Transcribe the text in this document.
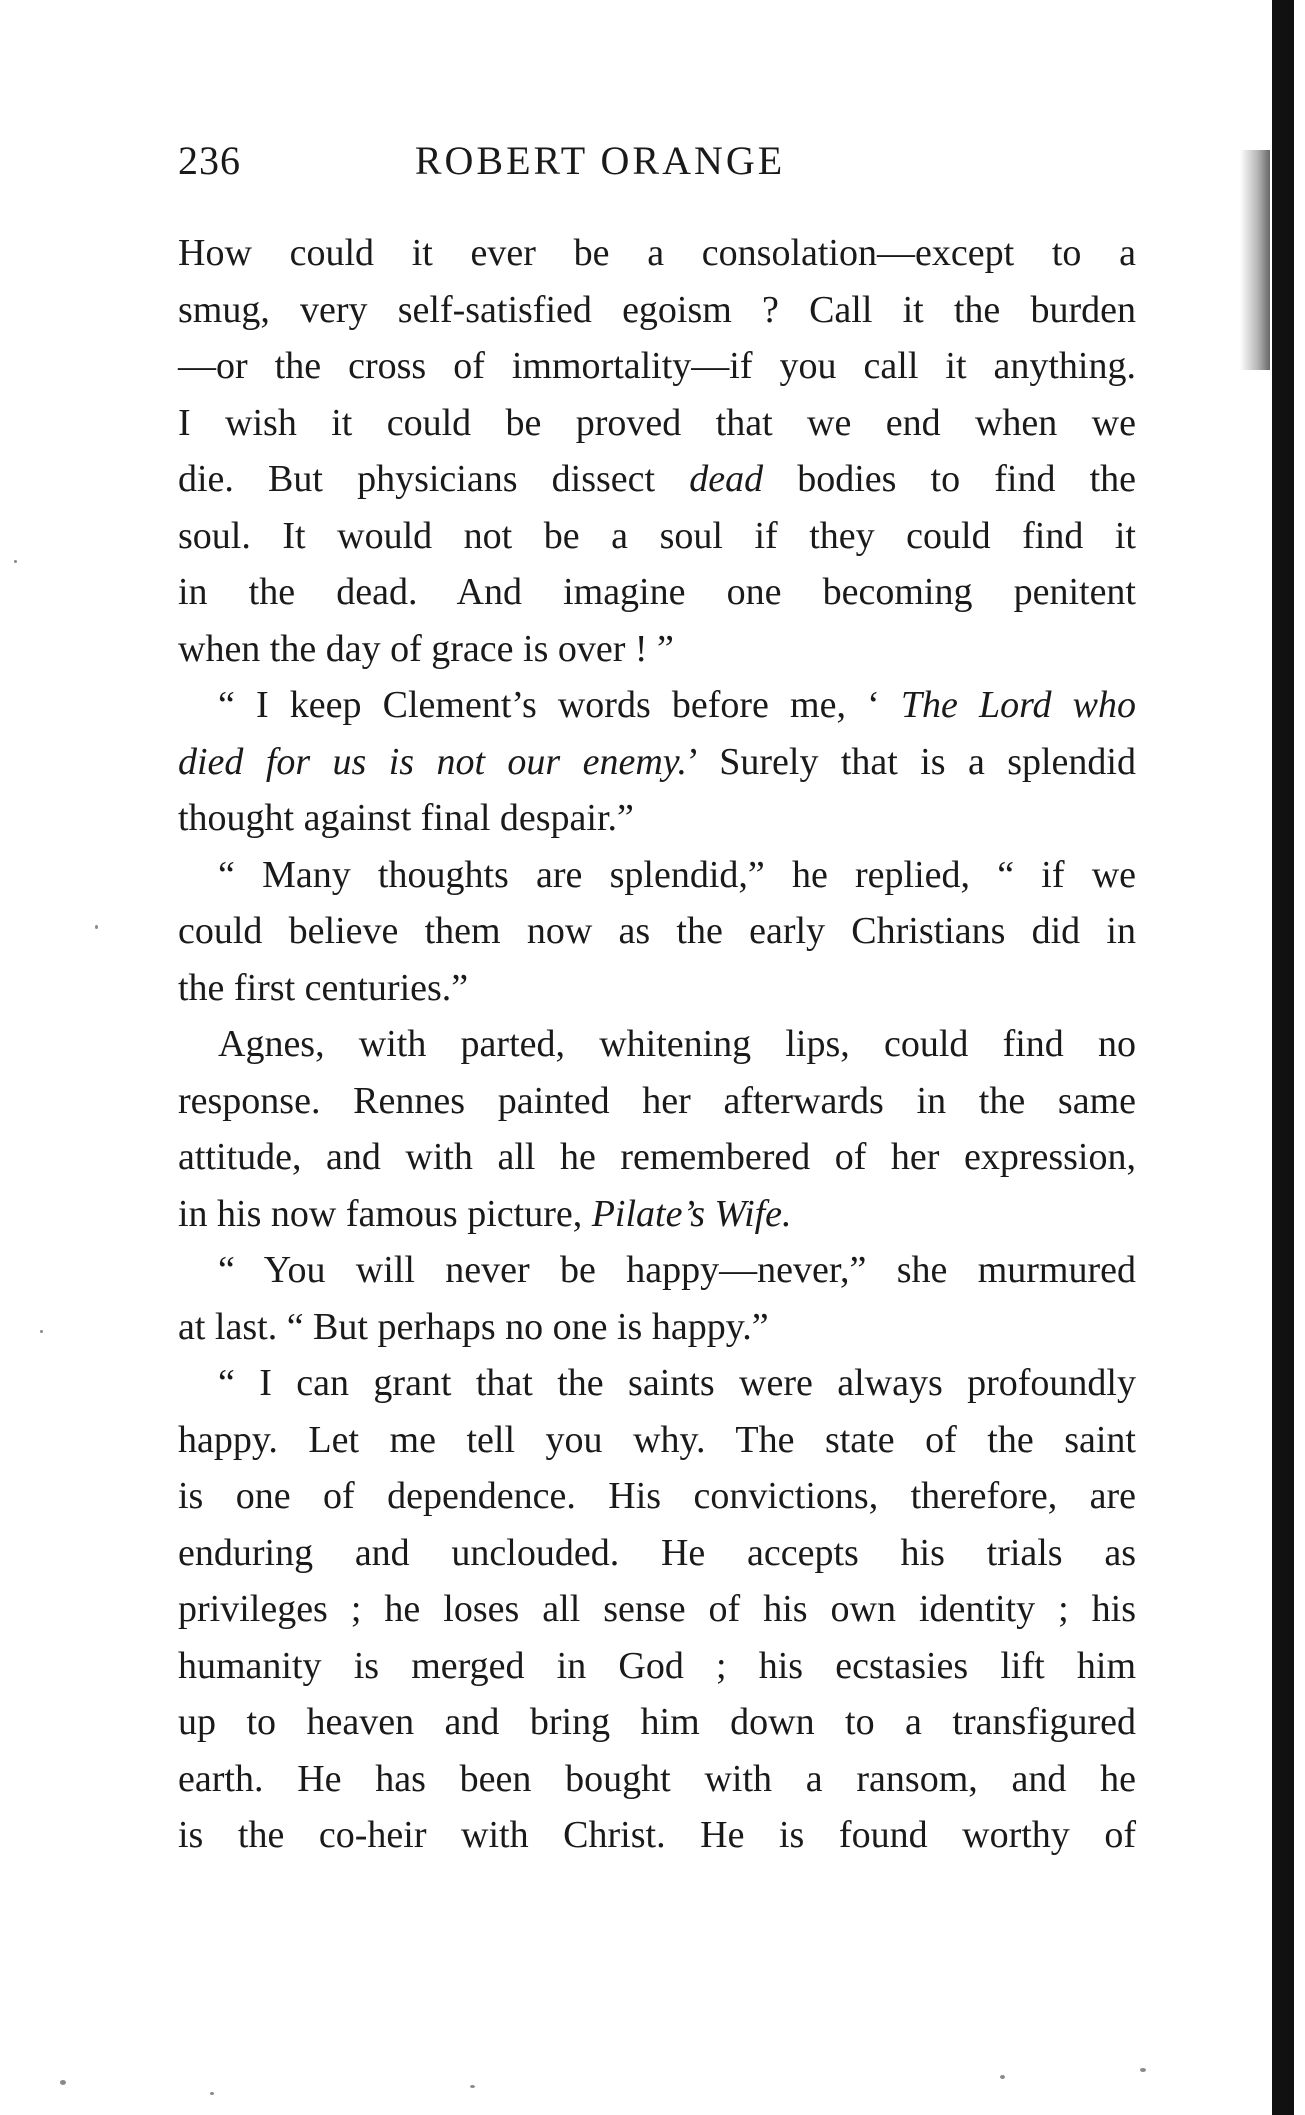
236	ROBERT ORANGE
How could it ever be a consolation—except to a
smug, very self-satisfied egoism ? Call it the burden
—or the cross of immortality—if you call it anything.
I wish it could be proved that we end when we
die. But physicians dissect dead bodies to find the
soul. It would not be a soul if they could find it
in the dead. And imagine one becoming penitent
when the day of grace is over ! ”
“ I keep Clement’s words before me, ‘ The Lord who
died for us is not our enemy.’ Surely that is a splendid
thought against final despair.”
“ Many thoughts are splendid,” he replied, “ if we
could believe them now as the early Christians did in
the first centuries.”
Agnes, with parted, whitening lips, could find no
response. Rennes painted her afterwards in the same
attitude, and with all he remembered of her expression,
in his now famous picture, Pilate’s Wife.
“ You will never be happy—never,” she murmured
at last. “ But perhaps no one is happy.”
“ I can grant that the saints were always profoundly
happy. Let me tell you why. The state of the saint
is one of dependence. His convictions, therefore, are
enduring and unclouded. He accepts his trials as
privileges ; he loses all sense of his own identity ; his
humanity is merged in God ; his ecstasies lift him
up to heaven and bring him down to a transfigured
earth. He has been bought with a ransom, and he
is the co-heir with Christ. He is found worthy of
